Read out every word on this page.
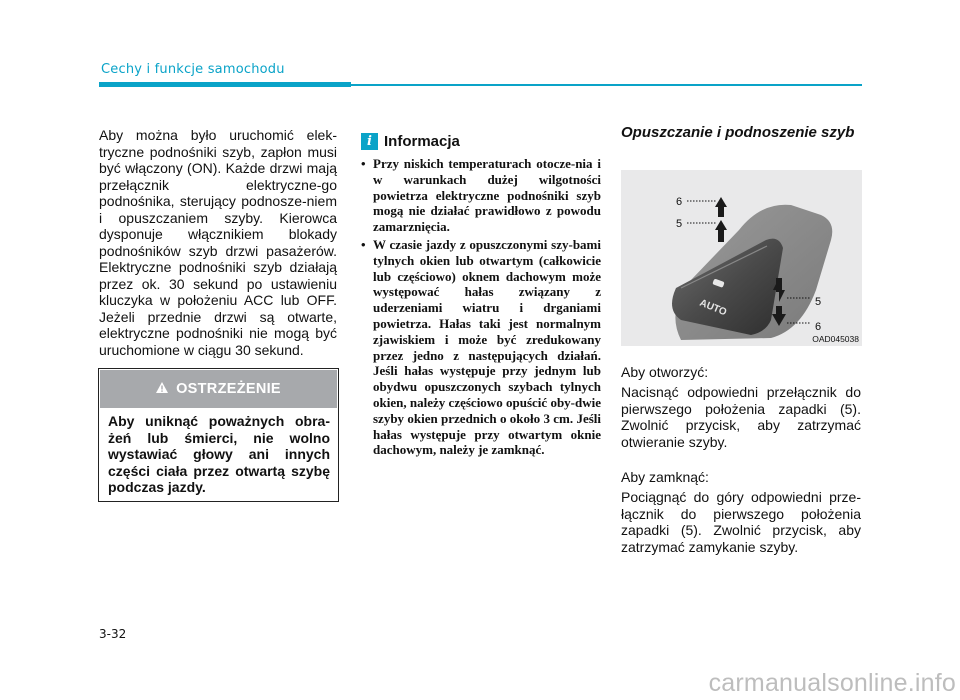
Cechy i funkcje samochodu
Aby można było uruchomić elek-tryczne podnośniki szyb, zapłon musi być włączony (ON). Każde drzwi mają przełącznik elektryczne-go podnośnika, sterujący podnosze-niem i opuszczaniem szyby. Kierowca dysponuje włącznikiem blokady podnośników szyb drzwi pasażerów. Elektryczne podnośniki szyb działają przez ok. 30 sekund po ustawieniu kluczyka w położeniu ACC lub OFF. Jeżeli przednie drzwi są otwarte, elektryczne podnośniki nie mogą być uruchomione w ciągu 30 sekund.
OSTRZEŻENIE
Aby uniknąć poważnych obra-żeń lub śmierci, nie wolno wystawiać głowy ani innych części ciała przez otwartą szybę podczas jazdy.
i Informacja
• Przy niskich temperaturach otocze-nia i w warunkach dużej wilgotności powietrza elektryczne podnośniki szyb mogą nie działać prawidłowo z powodu zamarznięcia.
• W czasie jazdy z opuszczonymi szy-bami tylnych okien lub otwartym (całkowicie lub częściowo) oknem dachowym może występować hałas związany z uderzeniami wiatru i drganiami powietrza. Hałas taki jest normalnym zjawiskiem i może być zredukowany przez jedno z następujących działań. Jeśli hałas występuje przy jednym lub obydwu opuszczonych szybach tylnych okien, należy częściowo opuścić oby-dwie szyby okien przednich o około 3 cm. Jeśli hałas występuje przy otwartym oknie dachowym, należy je zamknąć.
Opuszczanie i podnoszenie szyb
AUTO
6
5
5
6
OAD045038
Aby otworzyć:
Nacisnąć odpowiedni przełącznik do pierwszego położenia zapadki (5). Zwolnić przycisk, aby zatrzymać otwieranie szyby.
Aby zamknąć:
Pociągnąć do góry odpowiedni prze-łącznik do pierwszego położenia zapadki (5). Zwolnić przycisk, aby zatrzymać zamykanie szyby.
3-32
carmanualsonline.info
